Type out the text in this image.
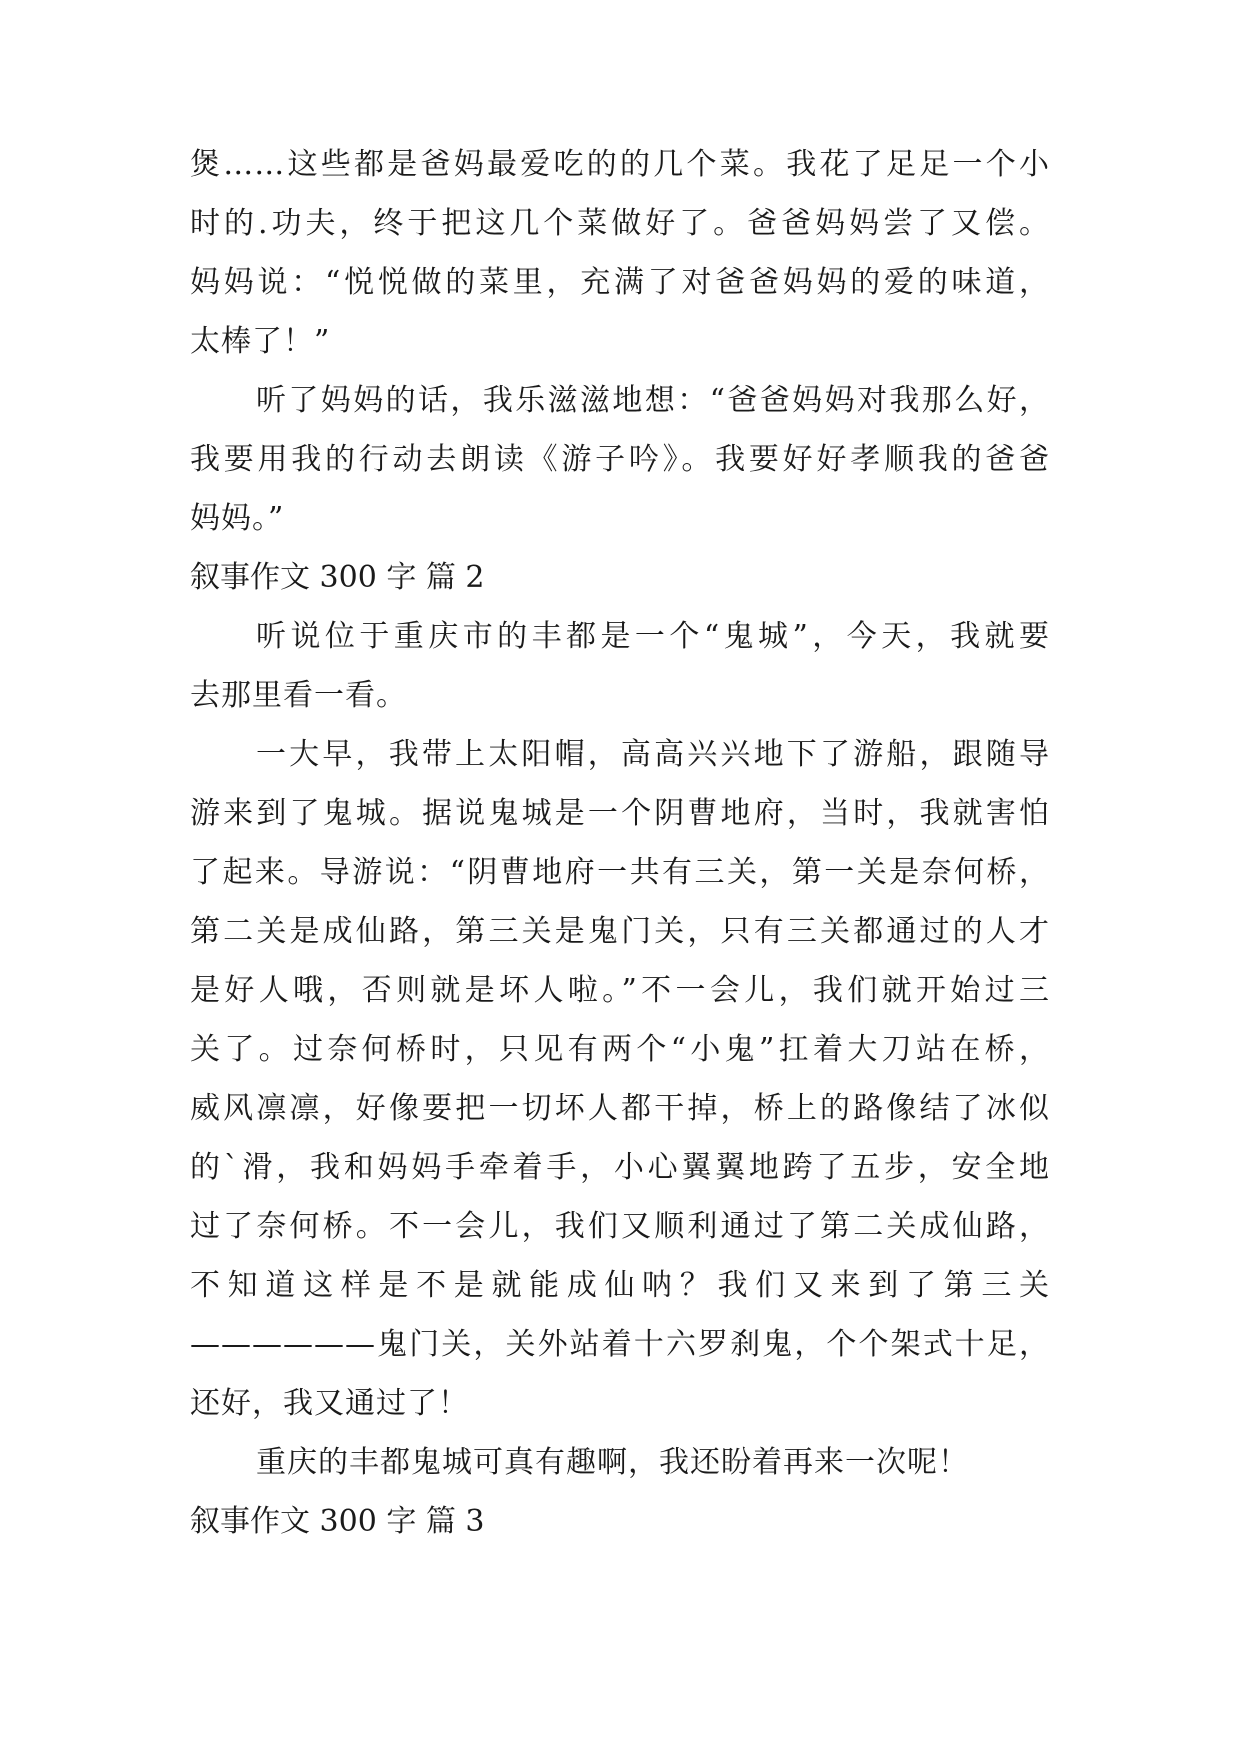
煲……这些都是爸妈最爱吃的的几个菜。我花了足足一个小
时的.功夫，终于把这几个菜做好了。爸爸妈妈尝了又偿。
妈妈说：“悦悦做的菜里，充满了对爸爸妈妈的爱的味道，
太棒了！”
听了妈妈的话，我乐滋滋地想：“爸爸妈妈对我那么好，
我要用我的行动去朗读《游子吟》。我要好好孝顺我的爸爸
妈妈。”
叙事作文 300 字 篇 2
听说位于重庆市的丰都是一个“鬼城”，今天，我就要
去那里看一看。
一大早，我带上太阳帽，高高兴兴地下了游船，跟随导
游来到了鬼城。据说鬼城是一个阴曹地府，当时，我就害怕
了起来。导游说：“阴曹地府一共有三关，第一关是奈何桥，
第二关是成仙路，第三关是鬼门关，只有三关都通过的人才
是好人哦，否则就是坏人啦。”不一会儿，我们就开始过三
关了。过奈何桥时，只见有两个“小鬼”扛着大刀站在桥，
威风凛凛，好像要把一切坏人都干掉，桥上的路像结了冰似
的`滑，我和妈妈手牵着手，小心翼翼地跨了五步，安全地
过了奈何桥。不一会儿，我们又顺利通过了第二关成仙路，
不知道这样是不是就能成仙呐？我们又来到了第三关
——————鬼门关，关外站着十六罗刹鬼，个个架式十足，
还好，我又通过了！
重庆的丰都鬼城可真有趣啊，我还盼着再来一次呢！
叙事作文 300 字 篇 3
